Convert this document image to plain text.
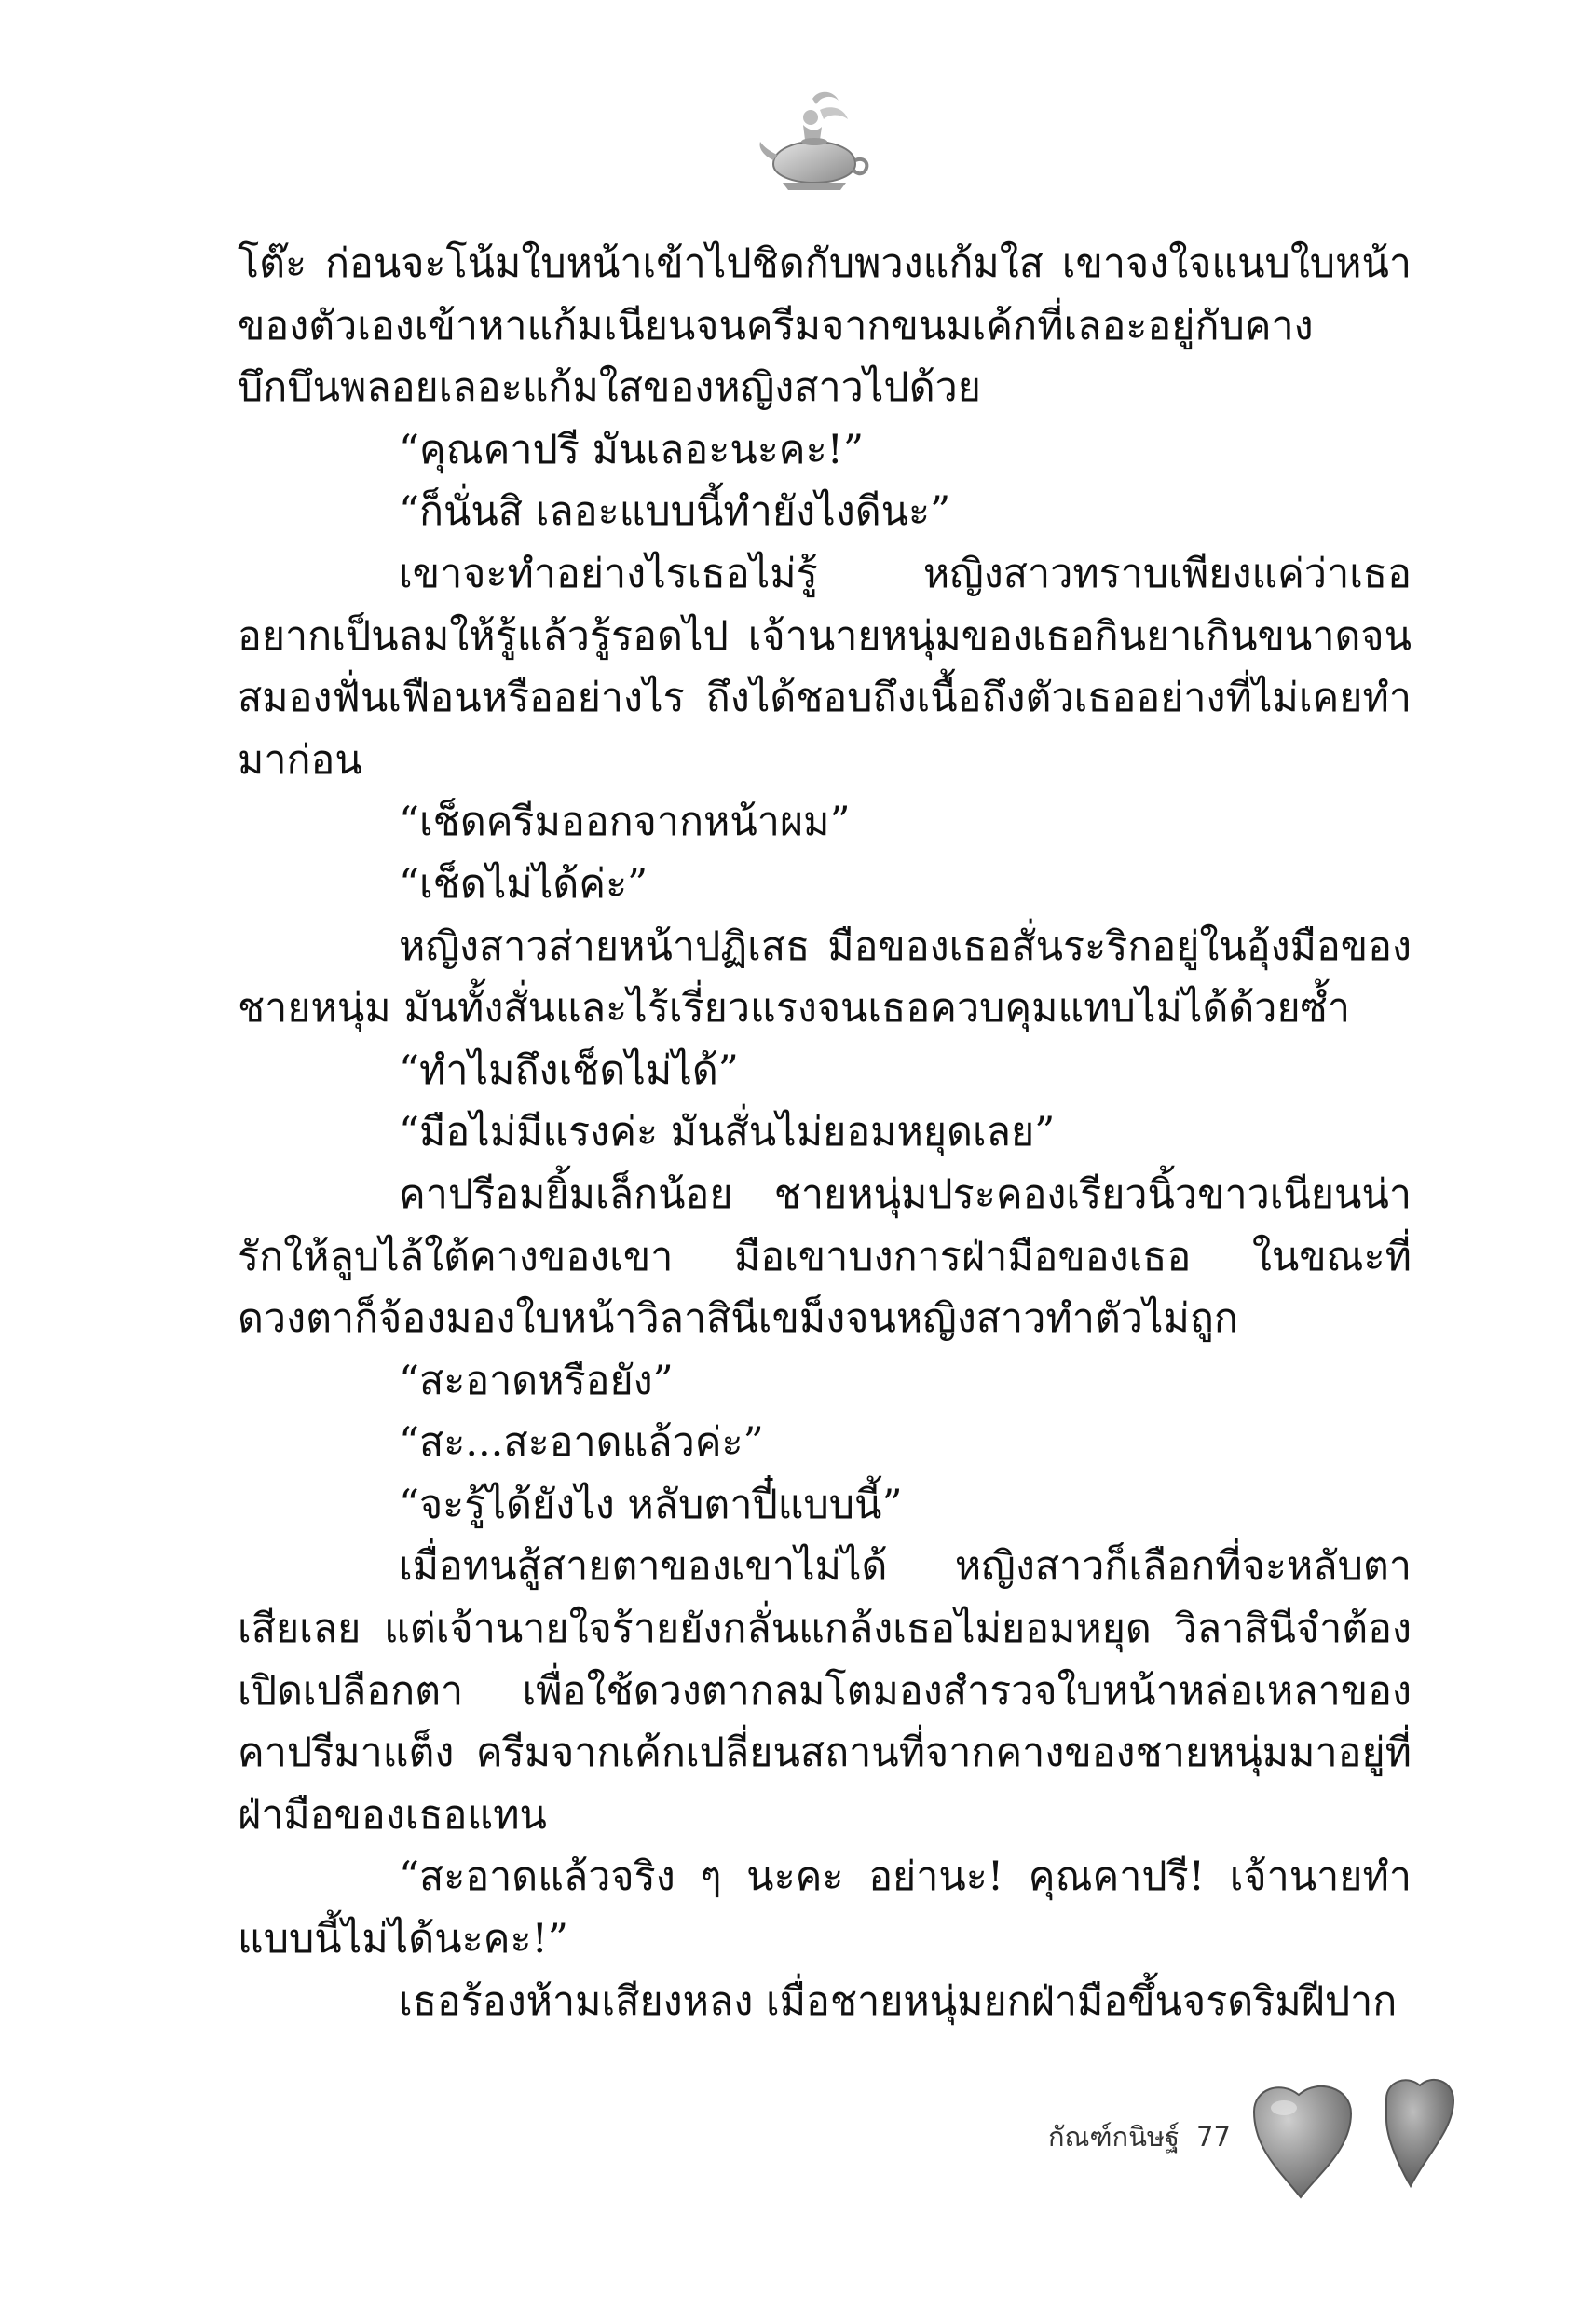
โต๊ะ ก่อนจะโน้มใบหน้าเข้าไปชิดกับพวงแก้มใส เขาจงใจแนบใบหน้าของตัวเองเข้าหาแก้มเนียนจนครีมจากขนมเค้กที่เลอะอยู่กับคางบึกบึนพลอยเลอะแก้มใสของหญิงสาวไปด้วย

“คุณคาปรี มันเลอะนะคะ!”

“ก็นั่นสิ เลอะแบบนี้ทำยังไงดีนะ”

เขาจะทำอย่างไรเธอไม่รู้ หญิงสาวทราบเพียงแค่ว่าเธออยากเป็นลมให้รู้แล้วรู้รอดไป เจ้านายหนุ่มของเธอกินยาเกินขนาดจนสมองฟั่นเฟือนหรืออย่างไร ถึงได้ชอบถึงเนื้อถึงตัวเธออย่างที่ไม่เคยทำมาก่อน

“เช็ดครีมออกจากหน้าผม”

“เช็ดไม่ได้ค่ะ”

หญิงสาวส่ายหน้าปฏิเสธ มือของเธอสั่นระริกอยู่ในอุ้งมือของชายหนุ่ม มันทั้งสั่นและไร้เรี่ยวแรงจนเธอควบคุมแทบไม่ได้ด้วยซ้ำ

“ทำไมถึงเช็ดไม่ได้”

“มือไม่มีแรงค่ะ มันสั่นไม่ยอมหยุดเลย”

คาปรีอมยิ้มเล็กน้อย ชายหนุ่มประคองเรียวนิ้วขาวเนียนน่ารักให้ลูบไล้ใต้คางของเขา มือเขาบงการฝ่ามือของเธอ ในขณะที่ดวงตาก็จ้องมองใบหน้าวิลาสินีเขม็งจนหญิงสาวทำตัวไม่ถูก

“สะอาดหรือยัง”

“สะ...สะอาดแล้วค่ะ”

“จะรู้ได้ยังไง หลับตาปี๋แบบนี้”

เมื่อทนสู้สายตาของเขาไม่ได้ หญิงสาวก็เลือกที่จะหลับตาเสียเลย แต่เจ้านายใจร้ายยังกลั่นแกล้งเธอไม่ยอมหยุด วิลาสินีจำต้องเปิดเปลือกตา เพื่อใช้ดวงตากลมโตมองสำรวจใบหน้าหล่อเหลาของ คาปรีมาแต็ง ครีมจากเค้กเปลี่ยนสถานที่จากคางของชายหนุ่มมาอยู่ที่ฝ่ามือของเธอแทน

“สะอาดแล้วจริง ๆ นะคะ อย่านะ! คุณคาปรี! เจ้านายทำแบบนี้ไม่ได้นะคะ!”

เธอร้องห้ามเสียงหลง เมื่อชายหนุ่มยกฝ่ามือขึ้นจรดริมฝีปาก

กัณฑ์กนิษฐ์ 77
